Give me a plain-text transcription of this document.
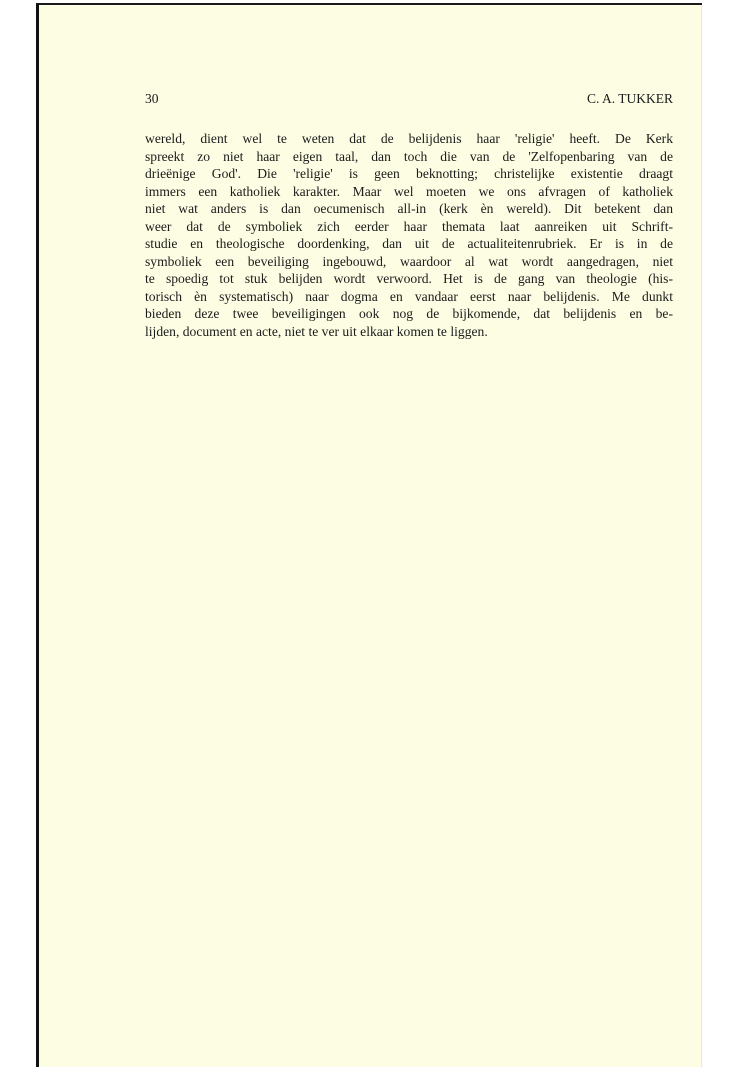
30	C. A. TUKKER
wereld, dient wel te weten dat de belijdenis haar 'religie' heeft. De Kerk
spreekt zo niet haar eigen taal, dan toch die van de 'Zelfopenbaring van de
drieënige God'. Die 'religie' is geen beknotting; christelijke existentie draagt
immers een katholiek karakter. Maar wel moeten we ons afvragen of katholiek
niet wat anders is dan oecumenisch all-in (kerk èn wereld). Dit betekent dan
weer dat de symboliek zich eerder haar themata laat aanreiken uit Schrift-
studie en theologische doordenking, dan uit de actualiteitenrubriek. Er is in de
symboliek een beveiliging ingebouwd, waardoor al wat wordt aangedragen, niet
te spoedig tot stuk belijden wordt verwoord. Het is de gang van theologie (his-
torisch èn systematisch) naar dogma en vandaar eerst naar belijdenis. Me dunkt
bieden deze twee beveiligingen ook nog de bijkomende, dat belijdenis en be-
lijden, document en acte, niet te ver uit elkaar komen te liggen.
